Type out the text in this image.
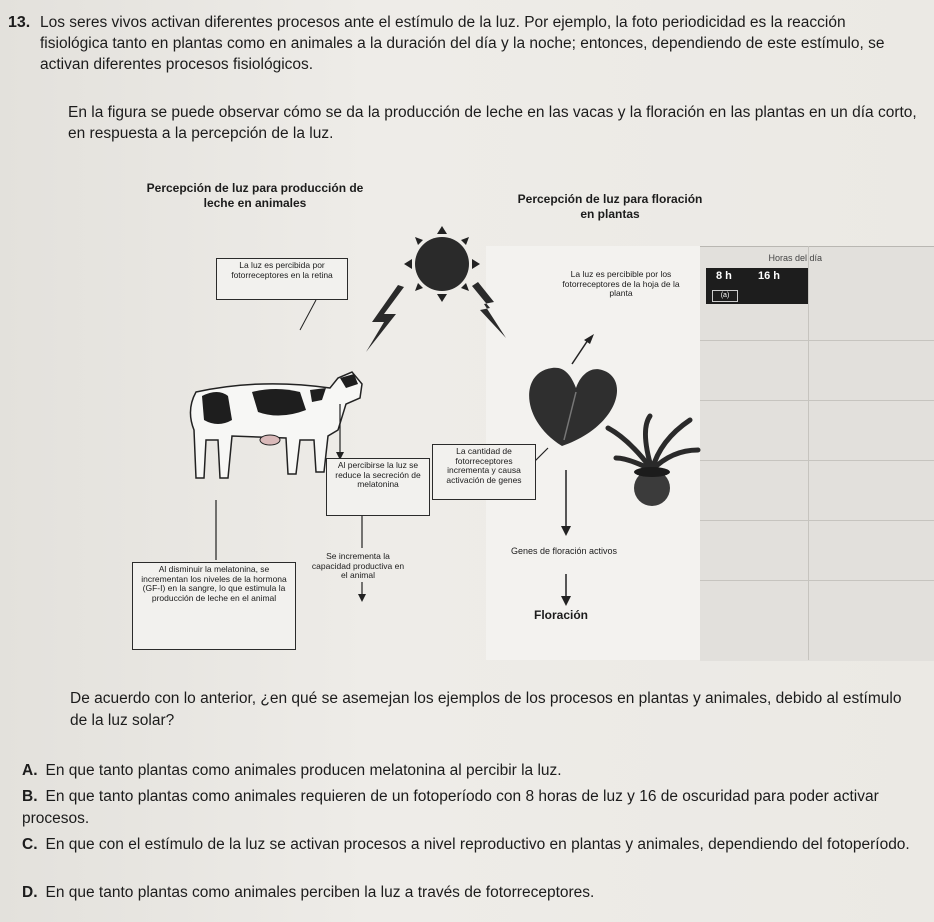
13. Los seres vivos activan diferentes procesos ante el estímulo de la luz. Por ejemplo, la foto periodicidad es la reacción fisiológica tanto en plantas como en animales a la duración del día y la noche; entonces, dependiendo de este estímulo, se activan diferentes procesos fisiológicos.
En la figura se puede observar cómo se da la producción de leche en las vacas y la floración en las plantas en un día corto, en respuesta a la percepción de la luz.
Horas del día
8 h 16 h
(a)
Percepción de luz para producción de leche en animales	Percepción de luz para floración en plantas
La luz es percibida por fotorreceptores en la retina
Al percibirse la luz se reduce la secreción de melatonina
Se incrementa la capacidad productiva en el animal
Al disminuir la melatonina, se incrementan los niveles de la hormona (GF-I) en la sangre, lo que estimula la producción de leche en el animal
La luz es percibible por los fotorreceptores de la hoja de la planta
La cantidad de fotorreceptores incrementa y causa activación de genes
Genes de floración activos
Floración
De acuerdo con lo anterior, ¿en qué se asemejan los ejemplos de los procesos en plantas y animales, debido al estímulo de la luz solar?
A. En que tanto plantas como animales producen melatonina al percibir la luz.
B. En que tanto plantas como animales requieren de un fotoperíodo con 8 horas de luz y 16 de oscuridad para poder activar procesos.
C. En que con el estímulo de la luz se activan procesos a nivel reproductivo en plantas y animales, dependiendo del fotoperíodo.
D. En que tanto plantas como animales perciben la luz a través de fotorreceptores.
